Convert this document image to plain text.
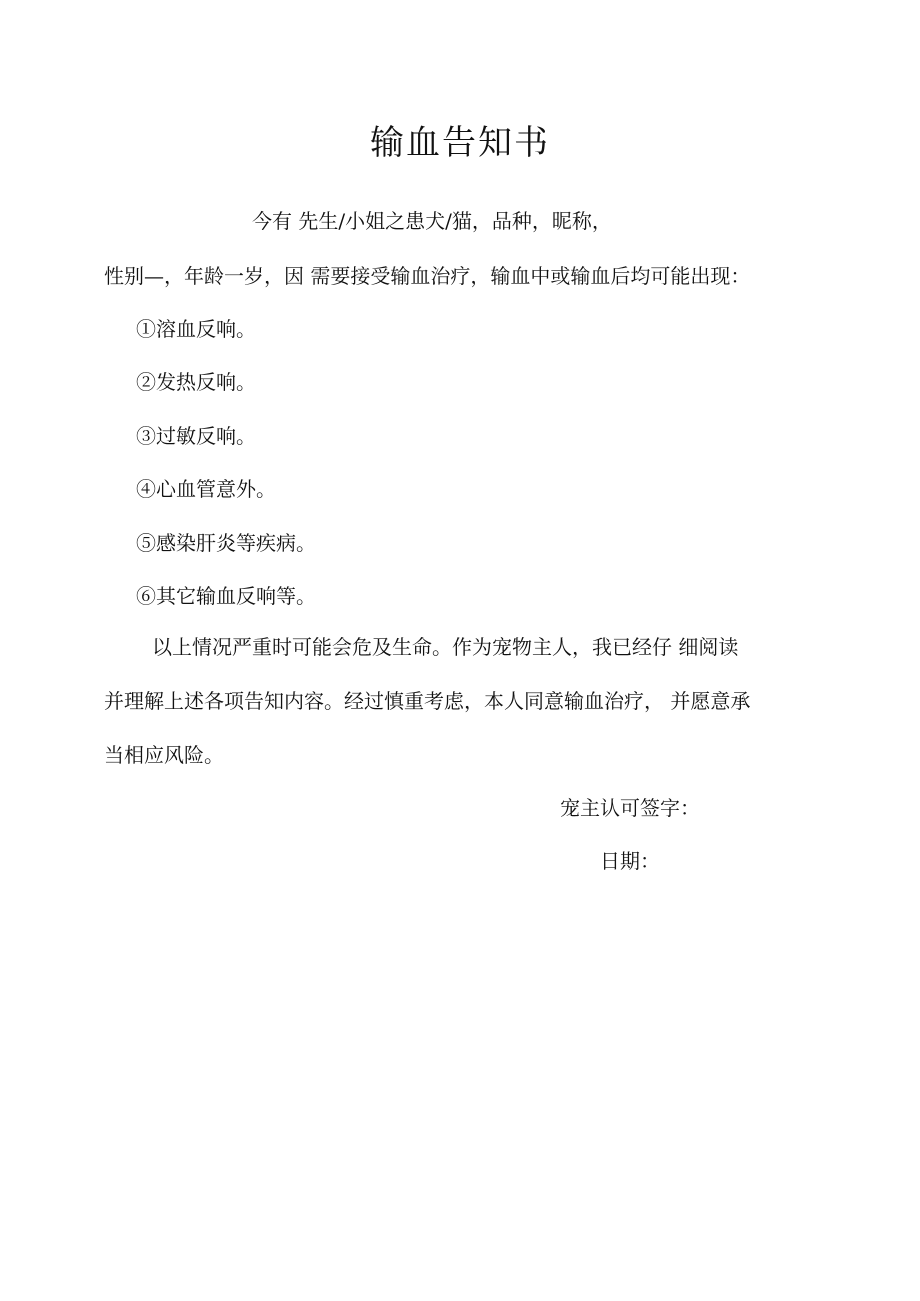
输血告知书
今有 先生/小姐之患犬/猫，品种，昵称，
性别—，年龄一岁，因 需要接受输血治疗，输血中或输血后均可能出现：
①溶血反响。
②发热反响。
③过敏反响。
④心血管意外。
⑤感染肝炎等疾病。
⑥其它输血反响等。
以上情况严重时可能会危及生命。作为宠物主人，我已经仔 细阅读
并理解上述各项告知内容。经过慎重考虑，本人同意输血治疗， 并愿意承
当相应风险。
宠主认可签字：
日期：
